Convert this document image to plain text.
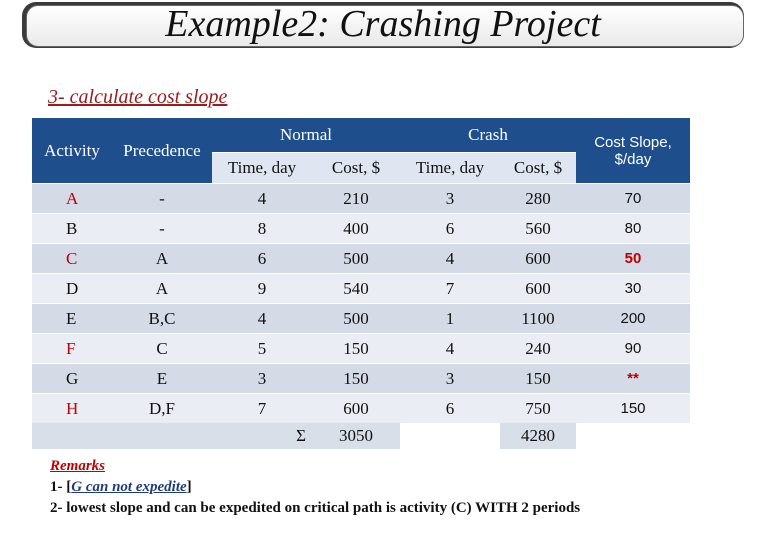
Example2: Crashing Project
3- calculate cost slope
Activity	Precedence	Normal		Crash		Cost Slope, $/day
		Time, day	Cost, $	Time, day	Cost, $	
A	-	4	210	3	280	70
B	-	8	400	6	560	80
C	A	6	500	4	600	50
D	A	9	540	7	600	30
E	B,C	4	500	1	1100	200
F	C	5	150	4	240	90
G	E	3	150	3	150	**
H	D,F	7	600	6	750	150
Σ			3050		4280	
Remarks
1- [G can not expedite]
2- lowest slope and can be expedited on critical path is activity (C) WITH 2 periods
